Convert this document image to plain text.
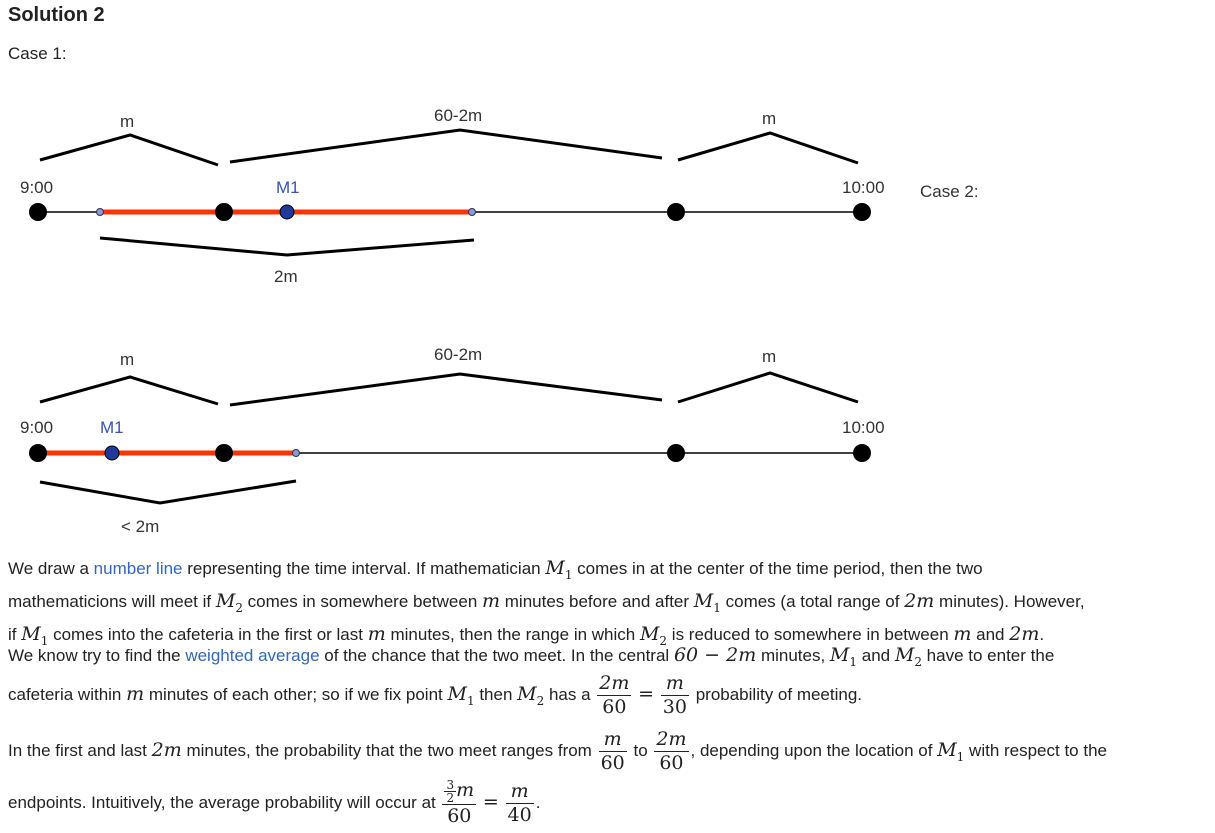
Solution 2
Case 1:
m	60-2m	m
9:00	M1	10:00
2m
m	60-2m	m
9:00	M1	10:00
< 2m
Case 2:
We draw a number line representing the time interval. If mathematician $M_1$ comes in at the center of the time period, then the two
mathematicions will meet if $M_2$ comes in somewhere between m minutes before and after $M_1$ comes (a total range of 2m minutes). However,
if $M_1$ comes into the cafeteria in the first or last m minutes, then the range in which $M_2$ is reduced to somewhere in between m and 2m.
We know try to find the weighted average of the chance that the two meet. In the central 60 − 2m minutes, $M_1$ and $M_2$ have to enter the
cafeteria within m minutes of each other; so if we fix point $M_1$ then $M_2$ has a $\frac{2m}{60} = \frac{m}{30}$ probability of meeting.
In the first and last 2m minutes, the probability that the two meet ranges from $\frac{m}{60}$ to $\frac{2m}{60}$ , depending upon the location of $M_1$ with respect to the
endpoints. Intuitively, the average probability will occur at $\frac{\frac{3}{2} m}{60} = \frac{m}{40}$ .
